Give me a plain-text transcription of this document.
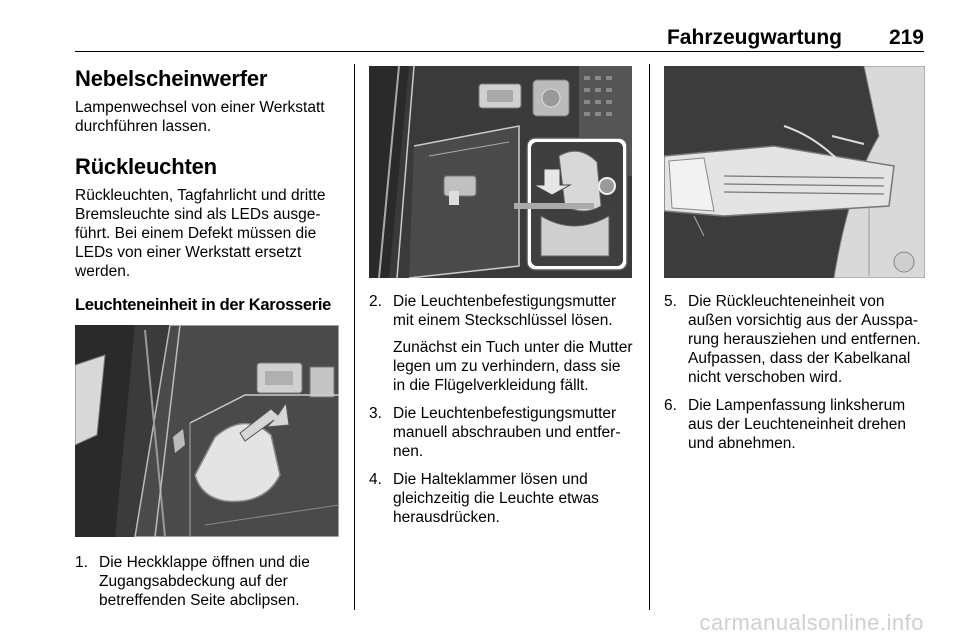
Fahrzeugwartung 219
Nebelscheinwerfer

Lampenwechsel von einer Werkstatt durchführen lassen.

Rückleuchten

Rückleuchten, Tagfahrlicht und dritte Bremsleuchte sind als LEDs ausge-führt. Bei einem Defekt müssen die LEDs von einer Werkstatt ersetzt werden.

Leuchteneinheit in der Karosserie
1. Die Heckklappe öffnen und die Zugangsabdeckung auf der betreffenden Seite abclipsen.
2. Die Leuchtenbefestigungsmutter mit einem Steckschlüssel lösen.

Zunächst ein Tuch unter die Mutter legen um zu verhindern, dass sie in die Flügelverkleidung fällt.

3. Die Leuchtenbefestigungsmutter manuell abschrauben und entfer-nen.
4. Die Halteklammer lösen und gleichzeitig die Leuchte etwas herausdrücken.
5. Die Rückleuchteneinheit von außen vorsichtig aus der Ausspa-rung herausziehen und entfernen. Aufpassen, dass der Kabelkanal nicht verschoben wird.
6. Die Lampenfassung linksherum aus der Leuchteneinheit drehen und abnehmen.
carmanualsonline.info
